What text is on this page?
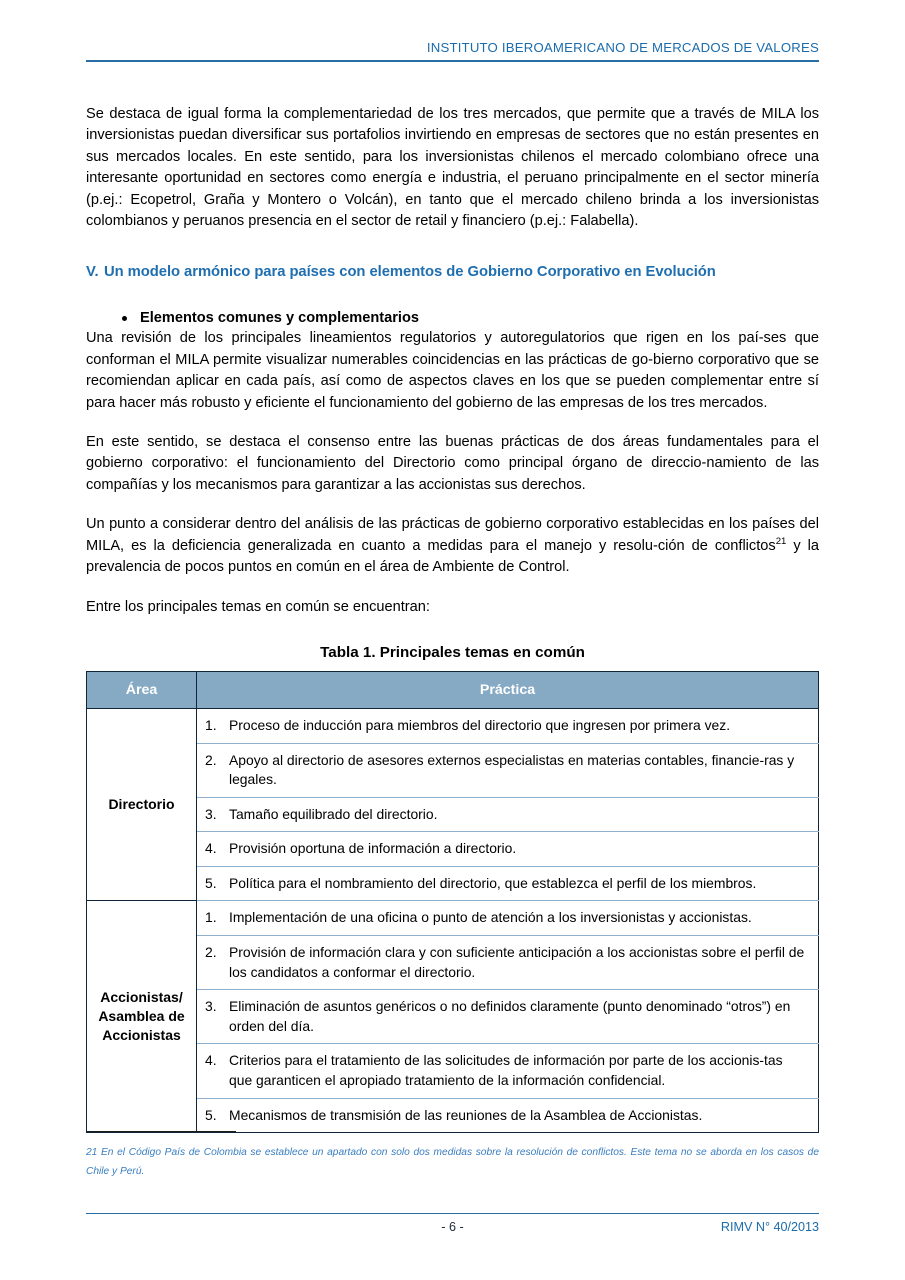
INSTITUTO IBEROAMERICANO DE MERCADOS DE VALORES

Se destaca de igual forma la complementariedad de los tres mercados, que permite que a través de MILA los inversionistas puedan diversificar sus portafolios invirtiendo en empresas de sectores que no están presentes en sus mercados locales. En este sentido, para los inversionistas chilenos el mercado colombiano ofrece una interesante oportunidad en sectores como energía e industria, el peruano principalmente en el sector minería (p.ej.: Ecopetrol, Graña y Montero o Volcán), en tanto que el mercado chileno brinda a los inversionistas colombianos y peruanos presencia en el sector de retail y financiero (p.ej.: Falabella).

V. Un modelo armónico para países con elementos de Gobierno Corporativo en Evolución
Elementos comunes y complementarios

Una revisión de los principales lineamientos regulatorios y autoregulatorios que rigen en los paí-ses que conforman el MILA permite visualizar numerables coincidencias en las prácticas de go-bierno corporativo que se recomiendan aplicar en cada país, así como de aspectos claves en los que se pueden complementar entre sí para hacer más robusto y eficiente el funcionamiento del gobierno de las empresas de los tres mercados.

En este sentido, se destaca el consenso entre las buenas prácticas de dos áreas fundamentales para el gobierno corporativo: el funcionamiento del Directorio como principal órgano de direccio-namiento de las compañías y los mecanismos para garantizar a las accionistas sus derechos.

Un punto a considerar dentro del análisis de las prácticas de gobierno corporativo establecidas en los países del MILA, es la deficiencia generalizada en cuanto a medidas para el manejo y resolu-ción de conflictos$^{21}$ y la prevalencia de pocos puntos en común en el área de Ambiente de Control.

Entre los principales temas en común se encuentran:

Tabla 1. Principales temas en común
Área	Práctica
Directorio	1. Proceso de inducción para miembros del directorio que ingresen por primera vez.

	2. Apoyo al directorio de asesores externos especialistas en materias contables, financie-ras y legales.

	3. Tamaño equilibrado del directorio.

	4. Provisión oportuna de información a directorio.

	5. Política para el nombramiento del directorio, que establezca el perfil de los miembros.

Accionistas/
Asamblea de
Accionistas	1. Implementación de una oficina o punto de atención a los inversionistas y accionistas.

	2. Provisión de información clara y con suficiente anticipación a los accionistas sobre el perfil de los candidatos a conformar el directorio.

	3. Eliminación de asuntos genéricos o no definidos claramente (punto denominado “otros”) en orden del día.

	4. Criterios para el tratamiento de las solicitudes de información por parte de los accionis-tas que garanticen el apropiado tratamiento de la información confidencial.

	5. Mecanismos de transmisión de las reuniones de la Asamblea de Accionistas.
21 En el Código País de Colombia se establece un apartado con solo dos medidas sobre la resolución de conflictos. Este tema no se aborda en los casos de Chile y Perú.
- 6 -	RIMV N° 40/2013
